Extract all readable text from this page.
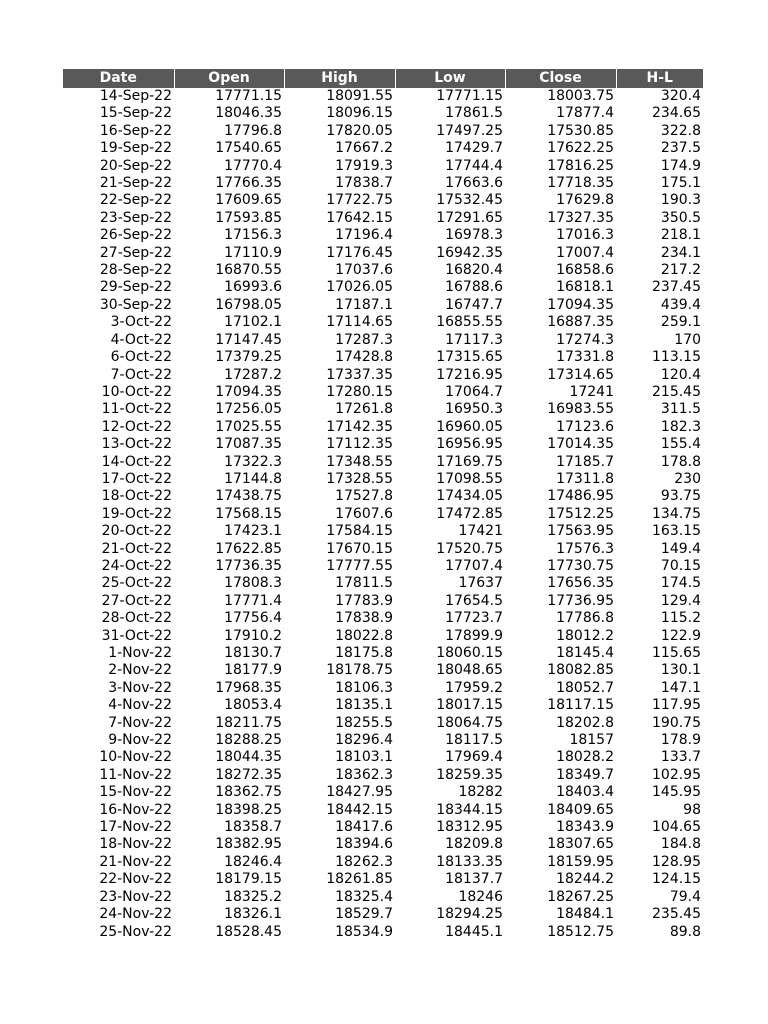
Date	Open	High	Low	Close	H-L
14-Sep-22	17771.15	18091.55	17771.15	18003.75	320.4
15-Sep-22	18046.35	18096.15	17861.5	17877.4	234.65
16-Sep-22	17796.8	17820.05	17497.25	17530.85	322.8
19-Sep-22	17540.65	17667.2	17429.7	17622.25	237.5
20-Sep-22	17770.4	17919.3	17744.4	17816.25	174.9
21-Sep-22	17766.35	17838.7	17663.6	17718.35	175.1
22-Sep-22	17609.65	17722.75	17532.45	17629.8	190.3
23-Sep-22	17593.85	17642.15	17291.65	17327.35	350.5
26-Sep-22	17156.3	17196.4	16978.3	17016.3	218.1
27-Sep-22	17110.9	17176.45	16942.35	17007.4	234.1
28-Sep-22	16870.55	17037.6	16820.4	16858.6	217.2
29-Sep-22	16993.6	17026.05	16788.6	16818.1	237.45
30-Sep-22	16798.05	17187.1	16747.7	17094.35	439.4
3-Oct-22	17102.1	17114.65	16855.55	16887.35	259.1
4-Oct-22	17147.45	17287.3	17117.3	17274.3	170
6-Oct-22	17379.25	17428.8	17315.65	17331.8	113.15
7-Oct-22	17287.2	17337.35	17216.95	17314.65	120.4
10-Oct-22	17094.35	17280.15	17064.7	17241	215.45
11-Oct-22	17256.05	17261.8	16950.3	16983.55	311.5
12-Oct-22	17025.55	17142.35	16960.05	17123.6	182.3
13-Oct-22	17087.35	17112.35	16956.95	17014.35	155.4
14-Oct-22	17322.3	17348.55	17169.75	17185.7	178.8
17-Oct-22	17144.8	17328.55	17098.55	17311.8	230
18-Oct-22	17438.75	17527.8	17434.05	17486.95	93.75
19-Oct-22	17568.15	17607.6	17472.85	17512.25	134.75
20-Oct-22	17423.1	17584.15	17421	17563.95	163.15
21-Oct-22	17622.85	17670.15	17520.75	17576.3	149.4
24-Oct-22	17736.35	17777.55	17707.4	17730.75	70.15
25-Oct-22	17808.3	17811.5	17637	17656.35	174.5
27-Oct-22	17771.4	17783.9	17654.5	17736.95	129.4
28-Oct-22	17756.4	17838.9	17723.7	17786.8	115.2
31-Oct-22	17910.2	18022.8	17899.9	18012.2	122.9
1-Nov-22	18130.7	18175.8	18060.15	18145.4	115.65
2-Nov-22	18177.9	18178.75	18048.65	18082.85	130.1
3-Nov-22	17968.35	18106.3	17959.2	18052.7	147.1
4-Nov-22	18053.4	18135.1	18017.15	18117.15	117.95
7-Nov-22	18211.75	18255.5	18064.75	18202.8	190.75
9-Nov-22	18288.25	18296.4	18117.5	18157	178.9
10-Nov-22	18044.35	18103.1	17969.4	18028.2	133.7
11-Nov-22	18272.35	18362.3	18259.35	18349.7	102.95
15-Nov-22	18362.75	18427.95	18282	18403.4	145.95
16-Nov-22	18398.25	18442.15	18344.15	18409.65	98
17-Nov-22	18358.7	18417.6	18312.95	18343.9	104.65
18-Nov-22	18382.95	18394.6	18209.8	18307.65	184.8
21-Nov-22	18246.4	18262.3	18133.35	18159.95	128.95
22-Nov-22	18179.15	18261.85	18137.7	18244.2	124.15
23-Nov-22	18325.2	18325.4	18246	18267.25	79.4
24-Nov-22	18326.1	18529.7	18294.25	18484.1	235.45
25-Nov-22	18528.45	18534.9	18445.1	18512.75	89.8
